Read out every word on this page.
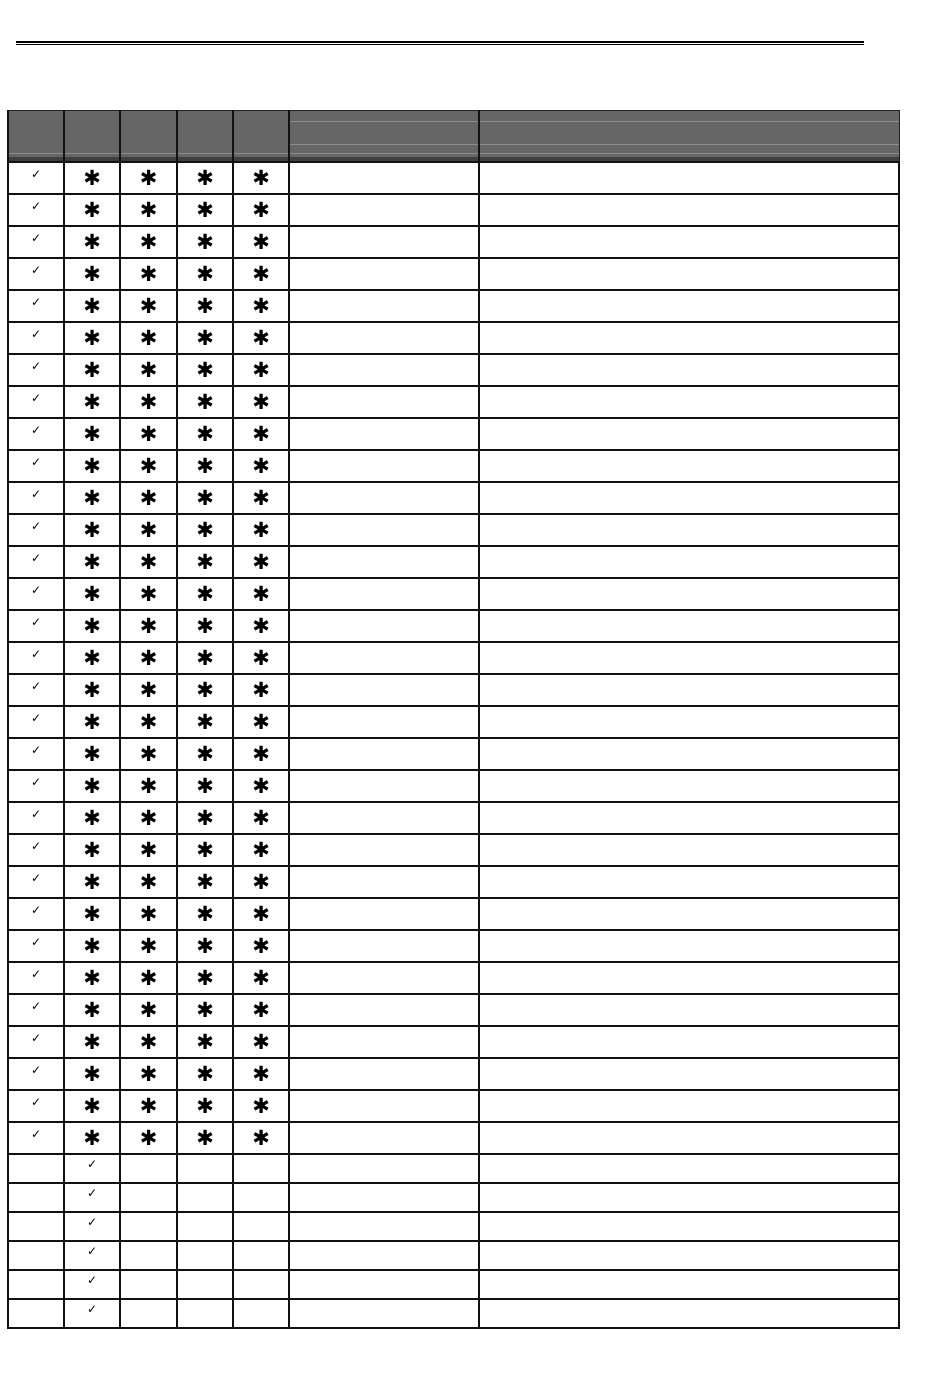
✓	✱	✱	✱	✱		
✓	✱	✱	✱	✱		
✓	✱	✱	✱	✱		
✓	✱	✱	✱	✱		
✓	✱	✱	✱	✱		
✓	✱	✱	✱	✱		
✓	✱	✱	✱	✱		
✓	✱	✱	✱	✱		
✓	✱	✱	✱	✱		
✓	✱	✱	✱	✱		
✓	✱	✱	✱	✱		
✓	✱	✱	✱	✱		
✓	✱	✱	✱	✱		
✓	✱	✱	✱	✱		
✓	✱	✱	✱	✱		
✓	✱	✱	✱	✱		
✓	✱	✱	✱	✱		
✓	✱	✱	✱	✱		
✓	✱	✱	✱	✱		
✓	✱	✱	✱	✱		
✓	✱	✱	✱	✱		
✓	✱	✱	✱	✱		
✓	✱	✱	✱	✱		
✓	✱	✱	✱	✱		
✓	✱	✱	✱	✱		
✓	✱	✱	✱	✱		
✓	✱	✱	✱	✱		
✓	✱	✱	✱	✱		
✓	✱	✱	✱	✱		
✓	✱	✱	✱	✱		
✓	✱	✱	✱	✱		
	✓					
	✓					
	✓					
	✓					
	✓					
	✓					
